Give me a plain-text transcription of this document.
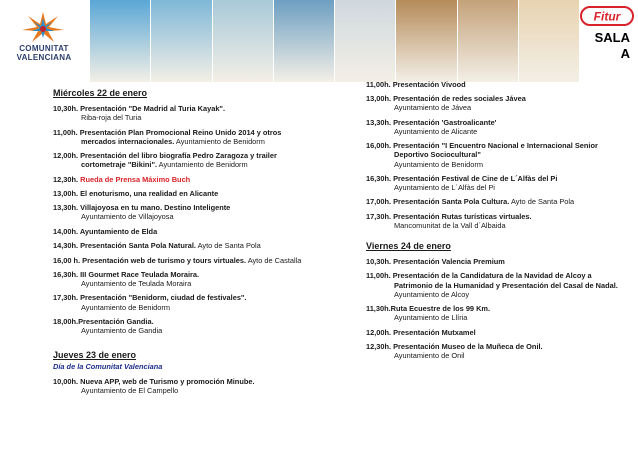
COMUNITAT
VALENCIANA
Fitur
SALA
A
Miércoles 22 de enero
10,30h. Presentación "De Madrid al Turia Kayak".
Riba-roja del Turia
11,00h. Presentación Plan Promocional Reino Unido 2014 y otros
mercados internacionales. Ayuntamiento de Benidorm
12,00h. Presentación del libro biografía Pedro Zaragoza y trailer
cortometraje "Bikini". Ayuntamiento de Benidorm
12,30h. Rueda de Prensa Máximo Buch
13,00h. El enoturismo, una realidad en Alicante
13,30h. Villajoyosa en tu mano. Destino Inteligente
Ayuntamiento de Villajoyosa
14,00h. Ayuntamiento de Elda
14,30h. Presentación Santa Pola Natural. Ayto de Santa Pola
16,00 h. Presentación web de turismo y tours virtuales. Ayto de Castalla
16,30h. III Gourmet Race Teulada Moraira.
Ayuntamiento de Teulada Moraira
17,30h. Presentación "Benidorm, ciudad de festivales".
Ayuntamiento de Benidorm
18,00h.Presentación Gandia.
Ayuntamiento de Gandia
Jueves 23 de enero
Día de la Comunitat Valenciana
10,00h. Nueva APP, web de Turismo y promoción Minube.
Ayuntamiento de El Campello
11,00h. Presentación Vivood
13,00h. Presentación de redes sociales Jávea
Ayuntamiento de Jávea
13,30h. Presentación 'Gastroalicante'
Ayuntamiento de Alicante
16,00h. Presentación "I Encuentro Nacional e Internacional Senior
Deportivo Sociocultural"
Ayuntamiento de Benidorm
16,30h. Presentación Festival de Cine de L´Alfàs del Pi
Ayuntamiento de L´Alfàs del Pi
17,00h. Presentación Santa Pola Cultura. Ayto de Santa Pola
17,30h. Presentación Rutas turísticas virtuales.
Mancomunitat de la Vall d´Albaida
Viernes 24 de enero
10,30h. Presentación Valencia Premium
11,00h. Presentación de la Candidatura de la Navidad de Alcoy a
Patrimonio de la Humanidad y Presentación del Casal de Nadal.
Ayuntamiento de Alcoy
11,30h.Ruta Ecuestre de los 99 Km.
Ayuntamiento de Llíria
12,00h. Presentación Mutxamel
12,30h. Presentación Museo de la Muñeca de Onil.
Ayuntamiento de Onil
